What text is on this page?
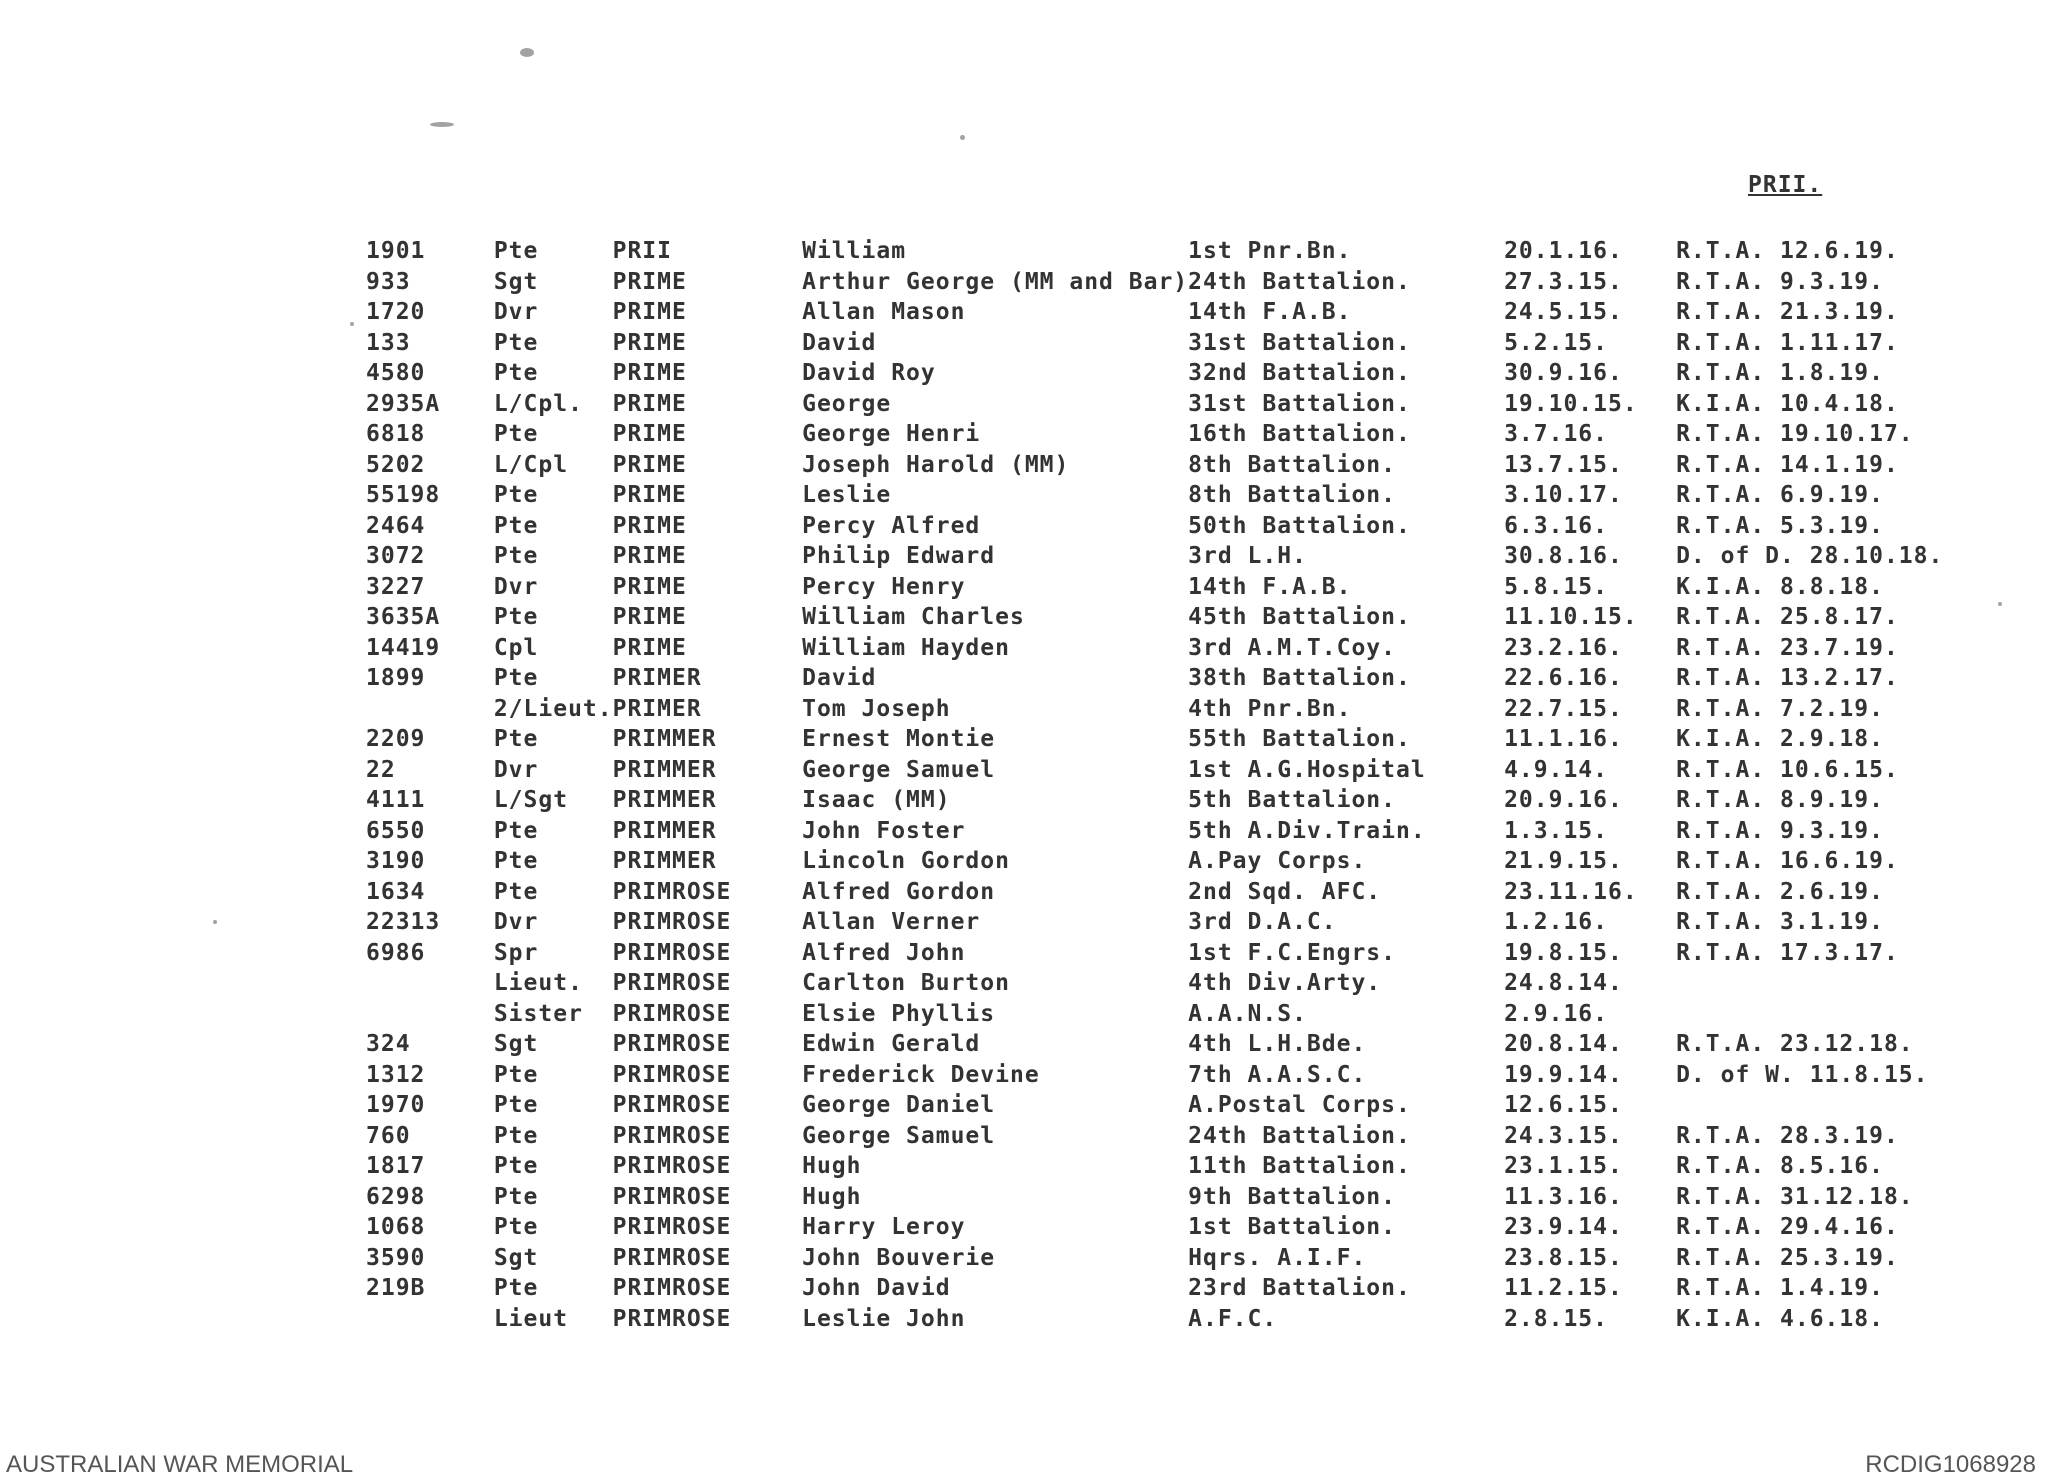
PRII.
1901	Pte	PRII	William	1st Pnr.Bn.	20.1.16.	R.T.A. 12.6.19.
933	Sgt	PRIME	Arthur George (MM and Bar)	24th Battalion.	27.3.15.	R.T.A. 9.3.19.
1720	Dvr	PRIME	Allan Mason	14th F.A.B.	24.5.15.	R.T.A. 21.3.19.
133	Pte	PRIME	David	31st Battalion.	5.2.15.	R.T.A. 1.11.17.
4580	Pte	PRIME	David Roy	32nd Battalion.	30.9.16.	R.T.A. 1.8.19.
2935A	L/Cpl.	PRIME	George	31st Battalion.	19.10.15.	K.I.A. 10.4.18.
6818	Pte	PRIME	George Henri	16th Battalion.	3.7.16.	R.T.A. 19.10.17.
5202	L/Cpl	PRIME	Joseph Harold (MM)	8th Battalion.	13.7.15.	R.T.A. 14.1.19.
55198	Pte	PRIME	Leslie	8th Battalion.	3.10.17.	R.T.A. 6.9.19.
2464	Pte	PRIME	Percy Alfred	50th Battalion.	6.3.16.	R.T.A. 5.3.19.
3072	Pte	PRIME	Philip Edward	3rd L.H.	30.8.16.	D. of D. 28.10.18.
3227	Dvr	PRIME	Percy Henry	14th F.A.B.	5.8.15.	K.I.A. 8.8.18.
3635A	Pte	PRIME	William Charles	45th Battalion.	11.10.15.	R.T.A. 25.8.17.
14419	Cpl	PRIME	William Hayden	3rd A.M.T.Coy.	23.2.16.	R.T.A. 23.7.19.
1899	Pte	PRIMER	David	38th Battalion.	22.6.16.	R.T.A. 13.2.17.
	2/Lieut.	PRIMER	Tom Joseph	4th Pnr.Bn.	22.7.15.	R.T.A. 7.2.19.
2209	Pte	PRIMMER	Ernest Montie	55th Battalion.	11.1.16.	K.I.A. 2.9.18.
22	Dvr	PRIMMER	George Samuel	1st A.G.Hospital	4.9.14.	R.T.A. 10.6.15.
4111	L/Sgt	PRIMMER	Isaac (MM)	5th Battalion.	20.9.16.	R.T.A. 8.9.19.
6550	Pte	PRIMMER	John Foster	5th A.Div.Train.	1.3.15.	R.T.A. 9.3.19.
3190	Pte	PRIMMER	Lincoln Gordon	A.Pay Corps.	21.9.15.	R.T.A. 16.6.19.
1634	Pte	PRIMROSE	Alfred Gordon	2nd Sqd. AFC.	23.11.16.	R.T.A. 2.6.19.
22313	Dvr	PRIMROSE	Allan Verner	3rd D.A.C.	1.2.16.	R.T.A. 3.1.19.
6986	Spr	PRIMROSE	Alfred John	1st F.C.Engrs.	19.8.15.	R.T.A. 17.3.17.
	Lieut.	PRIMROSE	Carlton Burton	4th Div.Arty.	24.8.14.	
	Sister	PRIMROSE	Elsie Phyllis	A.A.N.S.	2.9.16.	
324	Sgt	PRIMROSE	Edwin Gerald	4th L.H.Bde.	20.8.14.	R.T.A. 23.12.18.
1312	Pte	PRIMROSE	Frederick Devine	7th A.A.S.C.	19.9.14.	D. of W. 11.8.15.
1970	Pte	PRIMROSE	George Daniel	A.Postal Corps.	12.6.15.	
760	Pte	PRIMROSE	George Samuel	24th Battalion.	24.3.15.	R.T.A. 28.3.19.
1817	Pte	PRIMROSE	Hugh	11th Battalion.	23.1.15.	R.T.A. 8.5.16.
6298	Pte	PRIMROSE	Hugh	9th Battalion.	11.3.16.	R.T.A. 31.12.18.
1068	Pte	PRIMROSE	Harry Leroy	1st Battalion.	23.9.14.	R.T.A. 29.4.16.
3590	Sgt	PRIMROSE	John Bouverie	Hqrs. A.I.F.	23.8.15.	R.T.A. 25.3.19.
219B	Pte	PRIMROSE	John David	23rd Battalion.	11.2.15.	R.T.A. 1.4.19.
	Lieut	PRIMROSE	Leslie John	A.F.C.	2.8.15.	K.I.A. 4.6.18.
AUSTRALIAN WAR MEMORIAL	RCDIG1068928
